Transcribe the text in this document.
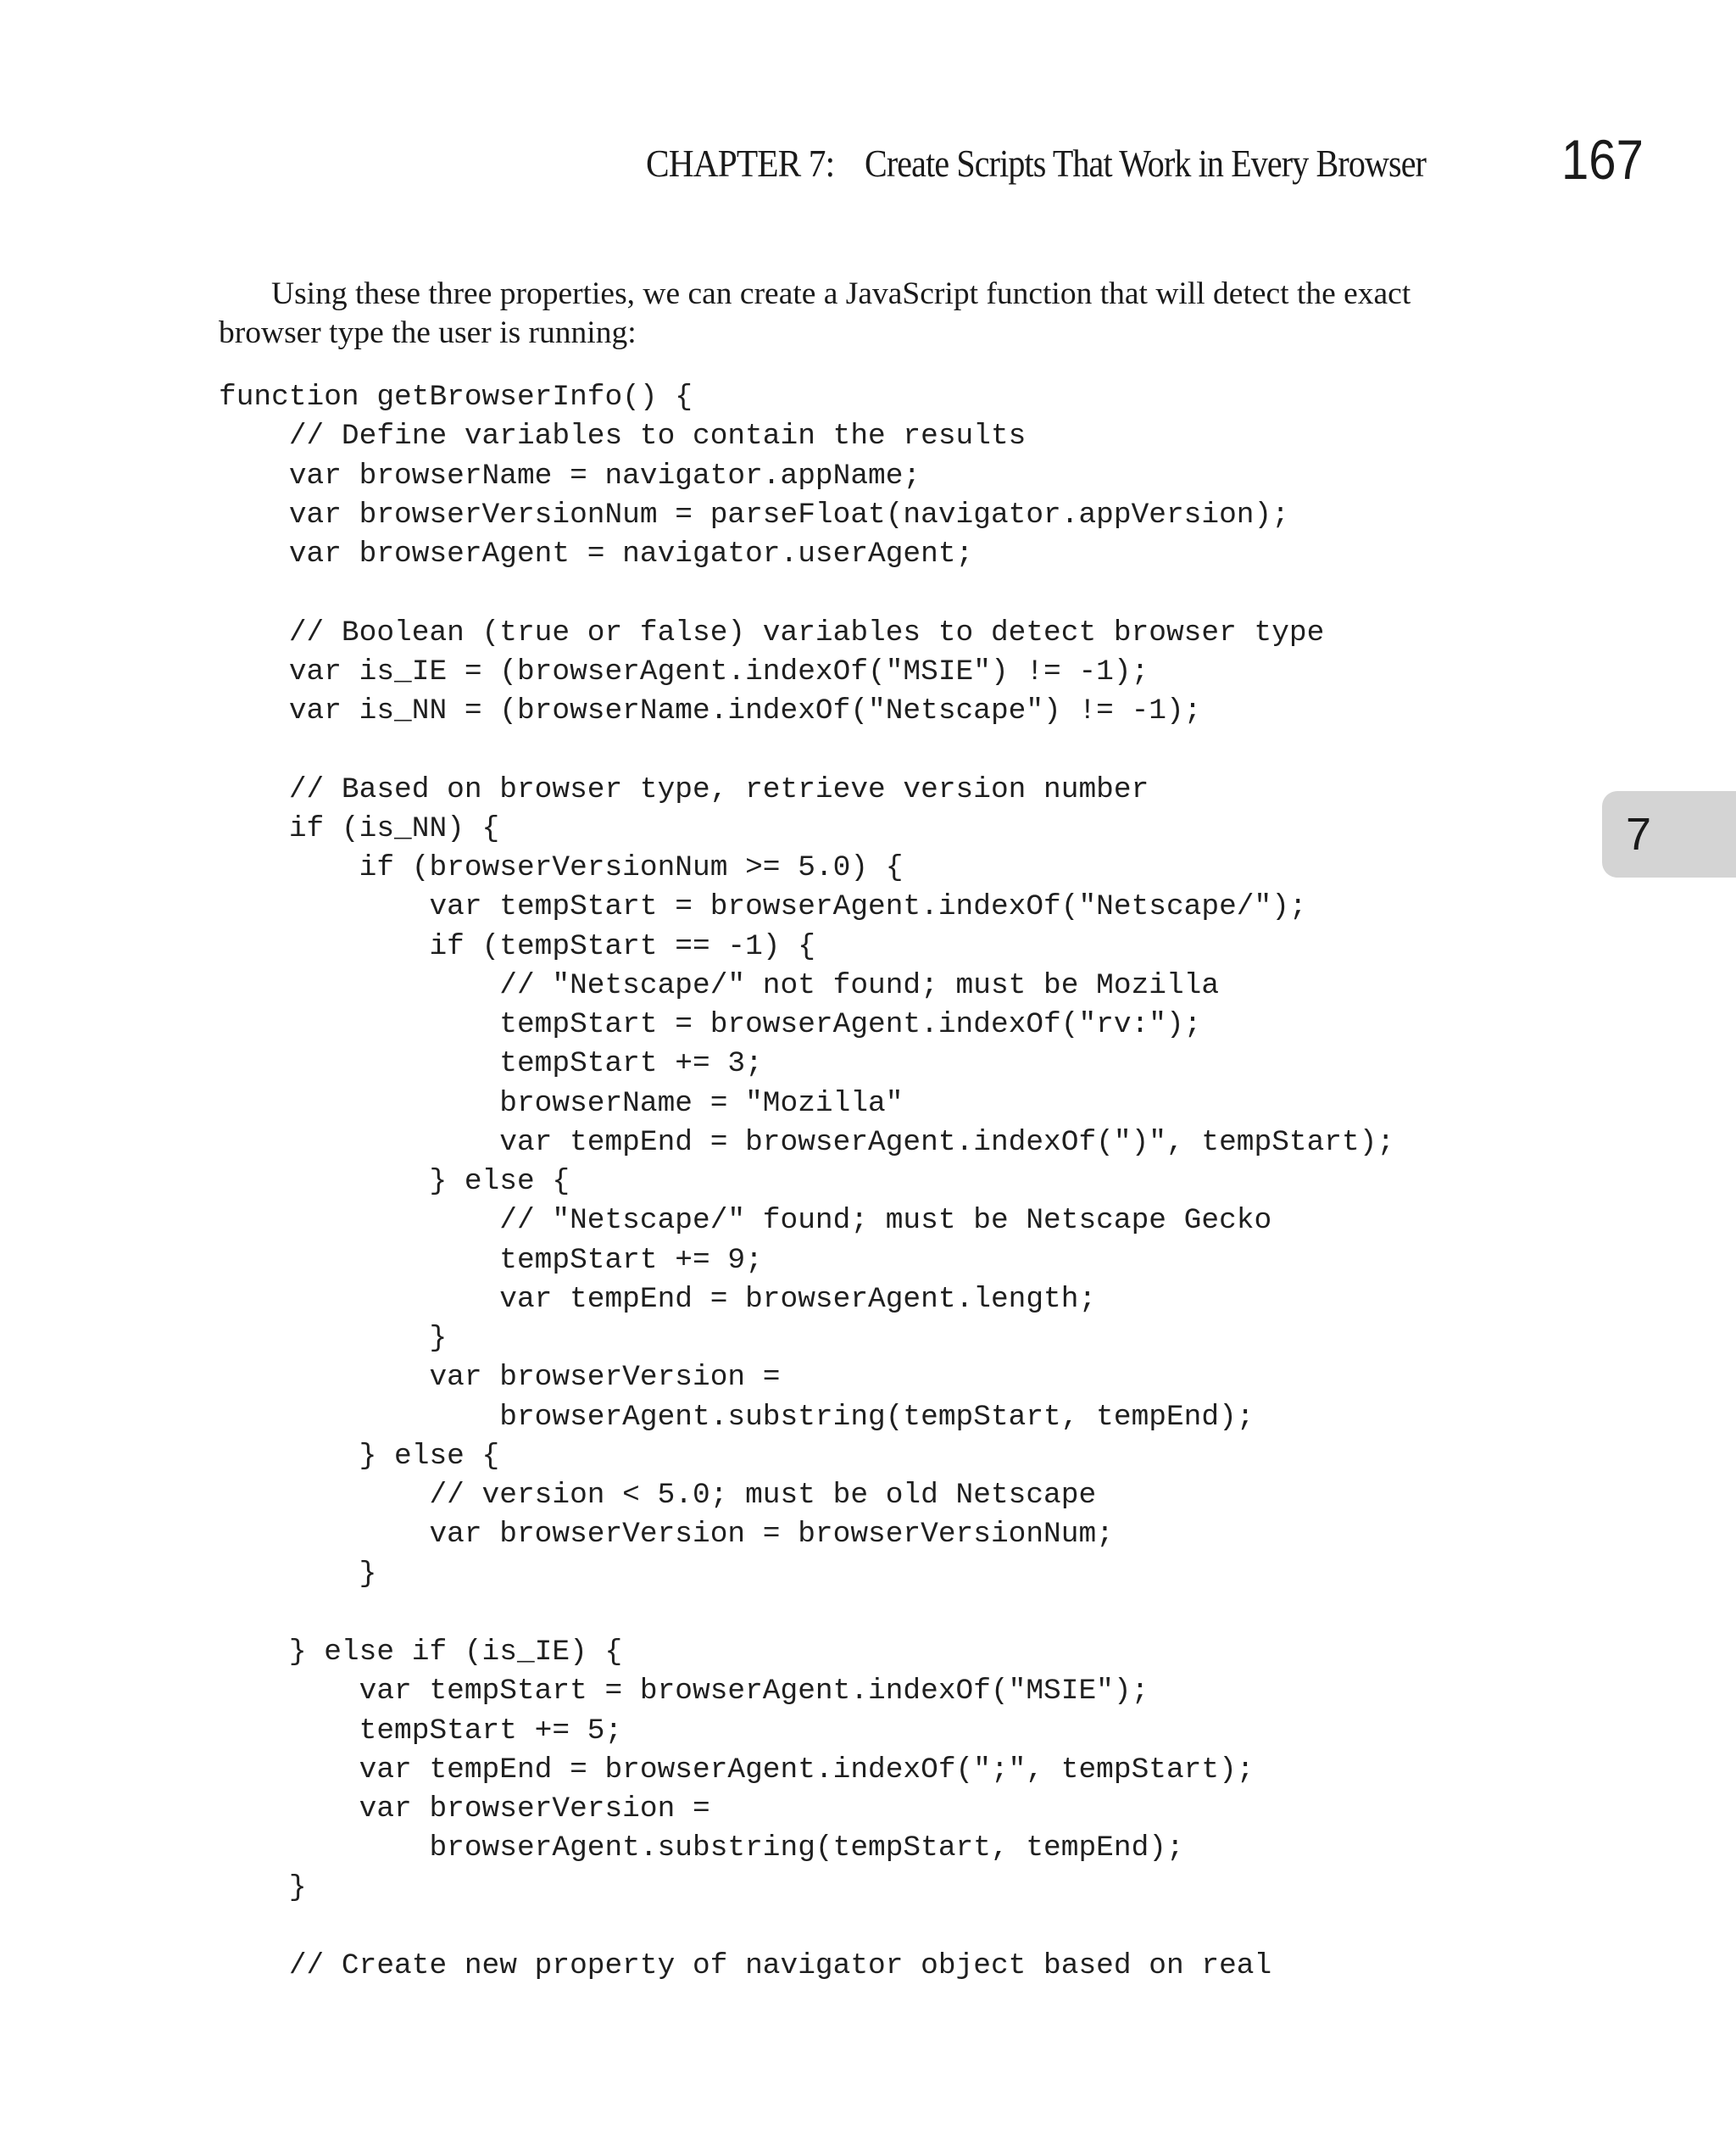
CHAPTER 7: Create Scripts That Work in Every Browser 167
7

Using these three properties, we can create a JavaScript function that will detect the exact browser type the user is running:

function getBrowserInfo() {
// Define variables to contain the results
var browserName = navigator.appName;
var browserVersionNum = parseFloat(navigator.appVersion);
var browserAgent = navigator.userAgent;

// Boolean (true or false) variables to detect browser type
var is_IE = (browserAgent.indexOf("MSIE") != -1);
var is_NN = (browserName.indexOf("Netscape") != -1);

// Based on browser type, retrieve version number
if (is_NN) {
if (browserVersionNum >= 5.0) {
var tempStart = browserAgent.indexOf("Netscape/");
if (tempStart == -1) {
// "Netscape/" not found; must be Mozilla
tempStart = browserAgent.indexOf("rv:");
tempStart += 3;
browserName = "Mozilla"
var tempEnd = browserAgent.indexOf(")", tempStart);
} else {
// "Netscape/" found; must be Netscape Gecko
tempStart += 9;
var tempEnd = browserAgent.length;
}
var browserVersion =
browserAgent.substring(tempStart, tempEnd);
} else {
// version < 5.0; must be old Netscape
var browserVersion = browserVersionNum;
}

} else if (is_IE) {
var tempStart = browserAgent.indexOf("MSIE");
tempStart += 5;
var tempEnd = browserAgent.indexOf(";", tempStart);
var browserVersion =
browserAgent.substring(tempStart, tempEnd);
}

// Create new property of navigator object based on real
